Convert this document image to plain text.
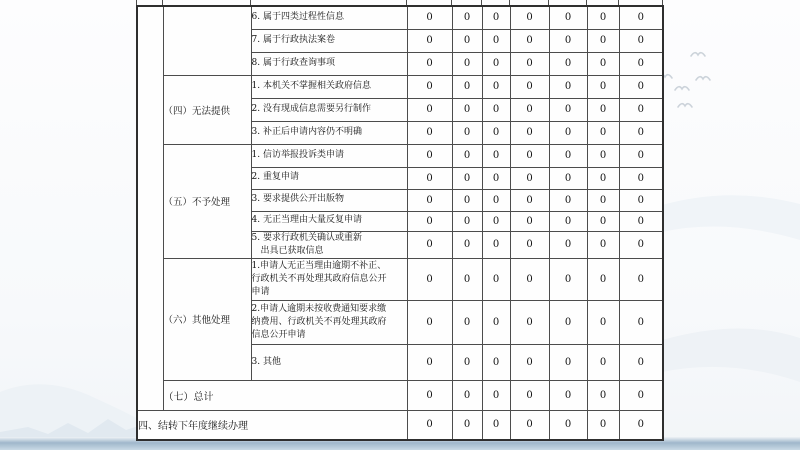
		6. 属于四类过程性信息	0	0	0	0	0	0	0
		7. 属于行政执法案卷	0	0	0	0	0	0	0
		8. 属于行政查询事项	0	0	0	0	0	0	0
	（四）无法提供	1. 本机关不掌握相关政府信息	0	0	0	0	0	0	0
		2. 没有现成信息需要另行制作	0	0	0	0	0	0	0
		3. 补正后申请内容仍不明确	0	0	0	0	0	0	0
	（五）不予处理	1. 信访举报投诉类申请	0	0	0	0	0	0	0
		2. 重复申请	0	0	0	0	0	0	0
		3. 要求提供公开出版物	0	0	0	0	0	0	0
		4. 无正当理由大量反复申请	0	0	0	0	0	0	0
		5. 要求行政机关确认或重新
　出具已获取信息	0	0	0	0	0	0	0
	（六）其他处理	1.申请人无正当理由逾期不补正、
行政机关不再处理其政府信息公开
申请	0	0	0	0	0	0	0
		2.申请人逾期未按收费通知要求缴
纳费用、行政机关不再处理其政府
信息公开申请	0	0	0	0	0	0	0
		3. 其他	0	0	0	0	0	0	0
	（七）总计		0	0	0	0	0	0	0
四、结转下年度继续办理			0	0	0	0	0	0	0
